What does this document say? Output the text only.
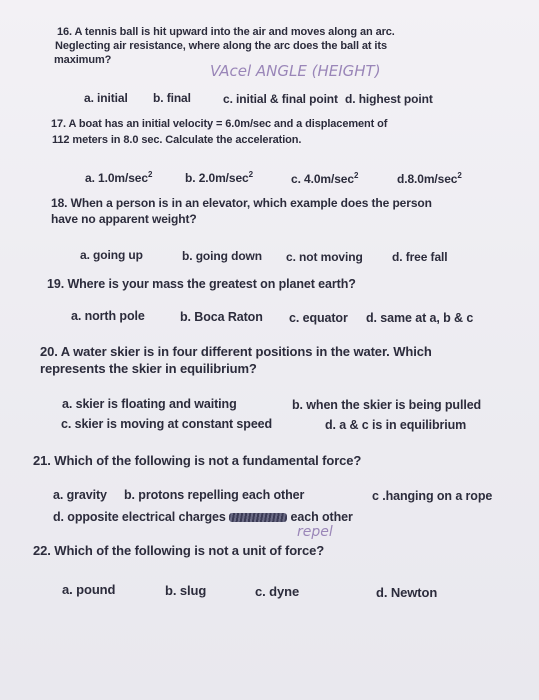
16. A tennis ball is hit upward into the air and moves along an arc.
Neglecting air resistance, where along the arc does the ball at its
maximum?
VAcel ANGLE (HEIGHT)
a. initial b. final	c. initial & final point d. highest point
17. A boat has an initial velocity = 6.0m/sec and a displacement of
112 meters in 8.0 sec. Calculate the acceleration.
a. $1.0m/\sec^2$	b. $2.0m/\sec^2$	c. $4.0m/\sec^2$	$d.8.0m/\sec^2$
18. When a person is in an elevator, which example does the person
have no apparent weight?
a. going up	b. going down c. not moving d. free fall
19. Where is your mass the greatest on planet earth?
a. north pole	b. Boca Raton c. equator d. same at a, b & c
20. A water skier is in four different positions in the water. Which
represents the skier in equilibrium?
a. skier is floating and waiting	b. when the skier is being pulled
c. skier is moving at constant speed	d. a & c is in equilibrium
21. Which of the following is not a fundamental force?
a. gravity b. protons repelling each other	c .hanging on a rope
d. opposite electrical charges	each other
repel
22. Which of the following is not a unit of force?
a. pound	b. slug	c. dyne	d. Newton
